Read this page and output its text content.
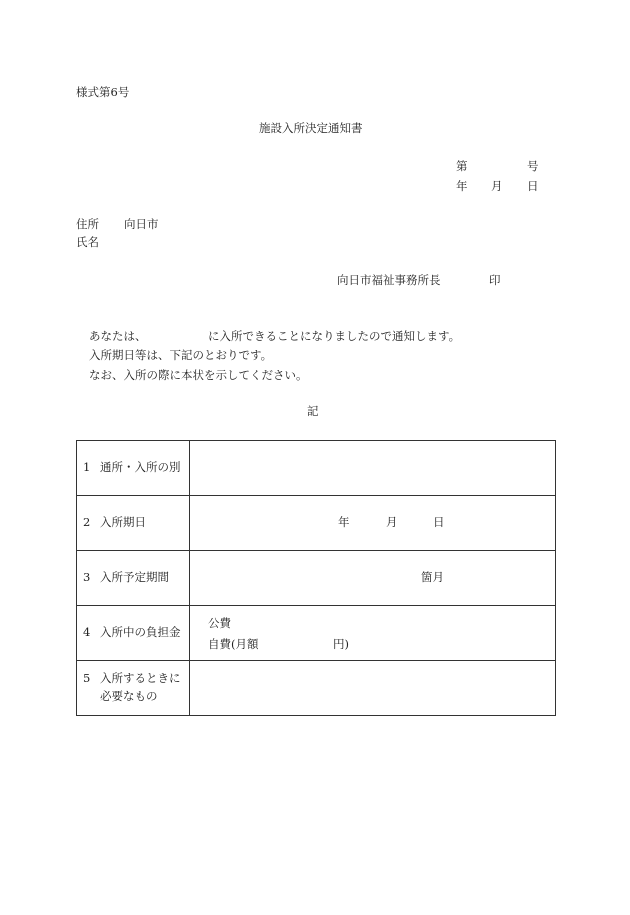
様式第6号
施設入所決定通知書
第	号
年 月 日
住所 向日市
氏名
向日市福祉事務所長	印
あなたは、	に入所できることになりましたので通知します。
入所期日等は、下記のとおりです。
なお、入所の際に本状を示してください。
記
1 通所・入所の別	

2 入所期日	年 月 日

3 入所予定期間	箇月

4 入所中の負担金	公費
自費(月額 円)

5 入所するときに
必要なもの	
